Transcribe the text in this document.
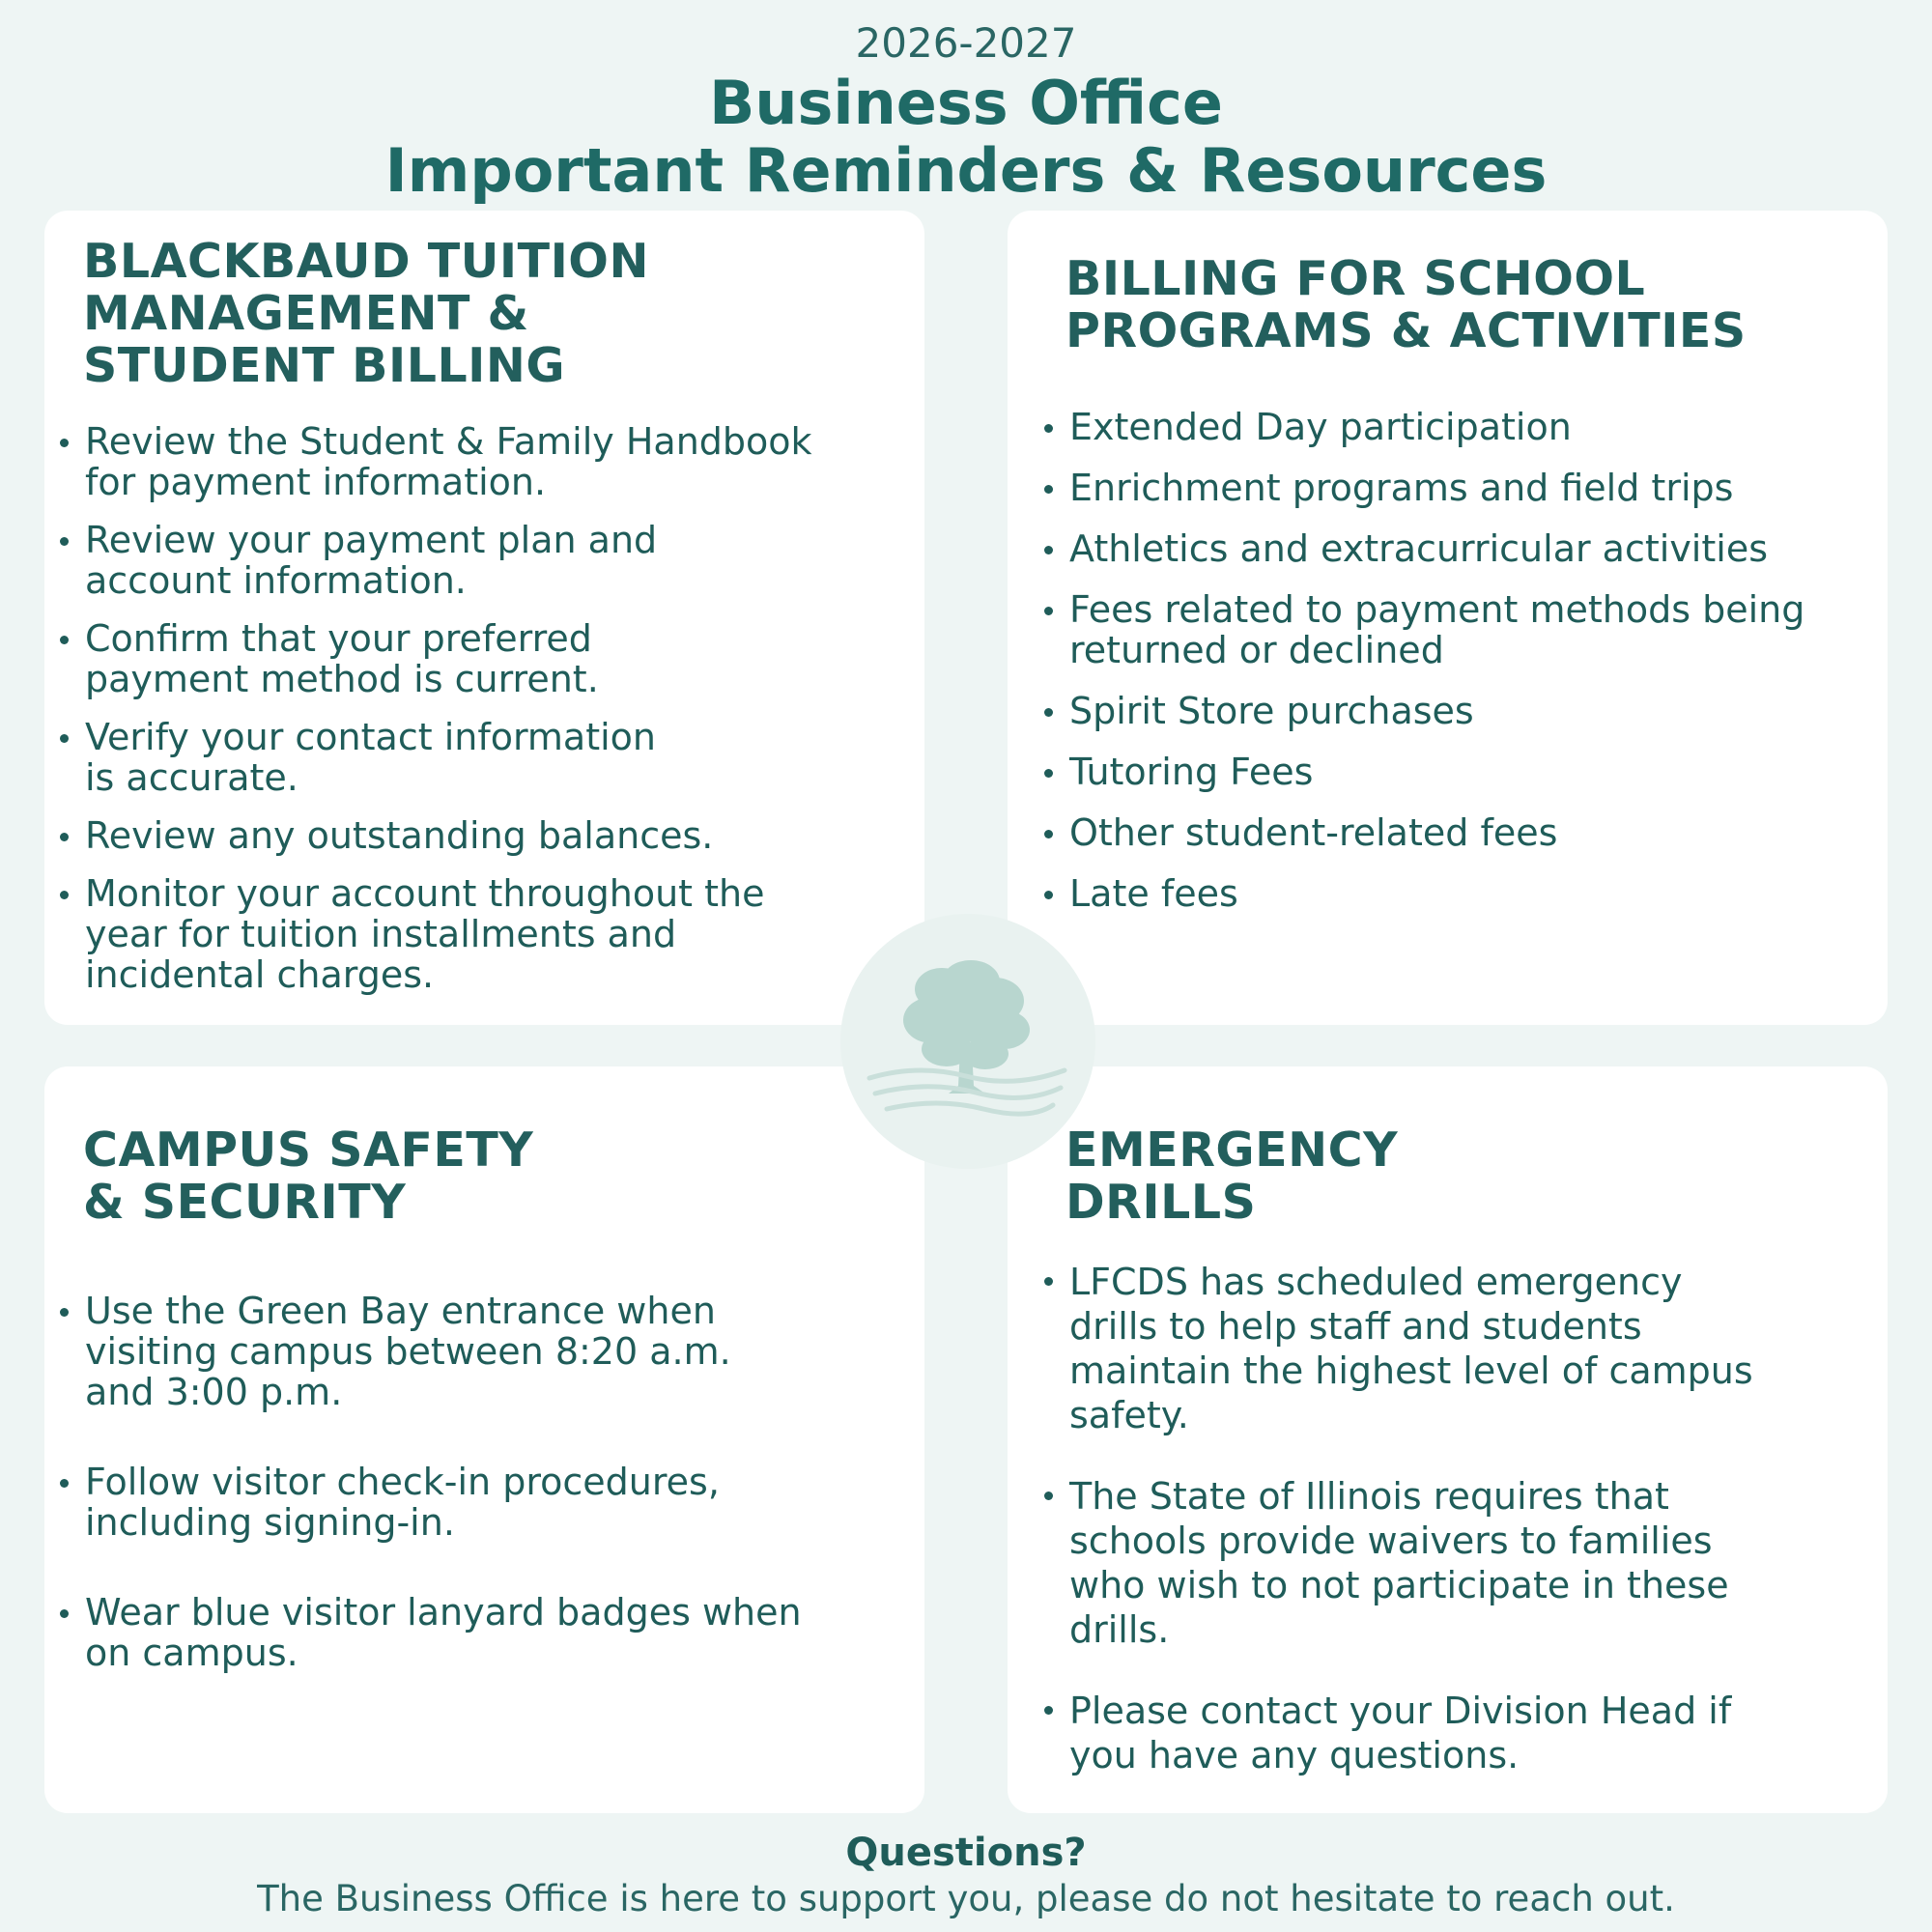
2026-2027
Business Office
Important Reminders & Resources
BLACKBAUD TUITION
MANAGEMENT &
STUDENT BILLING
Review the Student & Family Handbook
for payment information.
Review your payment plan and
account information.
Confirm that your preferred
payment method is current.
Verify your contact information
is accurate.
Review any outstanding balances.
Monitor your account throughout the
year for tuition installments and
incidental charges.
BILLING FOR SCHOOL
PROGRAMS & ACTIVITIES
Extended Day participation
Enrichment programs and field trips
Athletics and extracurricular activities
Fees related to payment methods being
returned or declined
Spirit Store purchases
Tutoring Fees
Other student-related fees
Late fees
CAMPUS SAFETY
& SECURITY
Use the Green Bay entrance when
visiting campus between 8:20 a.m.
and 3:00 p.m.
Follow visitor check-in procedures,
including signing-in.
Wear blue visitor lanyard badges when
on campus.
EMERGENCY
DRILLS
LFCDS has scheduled emergency
drills to help staff and students
maintain the highest level of campus
safety.
The State of Illinois requires that
schools provide waivers to families
who wish to not participate in these
drills.
Please contact your Division Head if
you have any questions.
Questions?
The Business Office is here to support you, please do not hesitate to reach out.
